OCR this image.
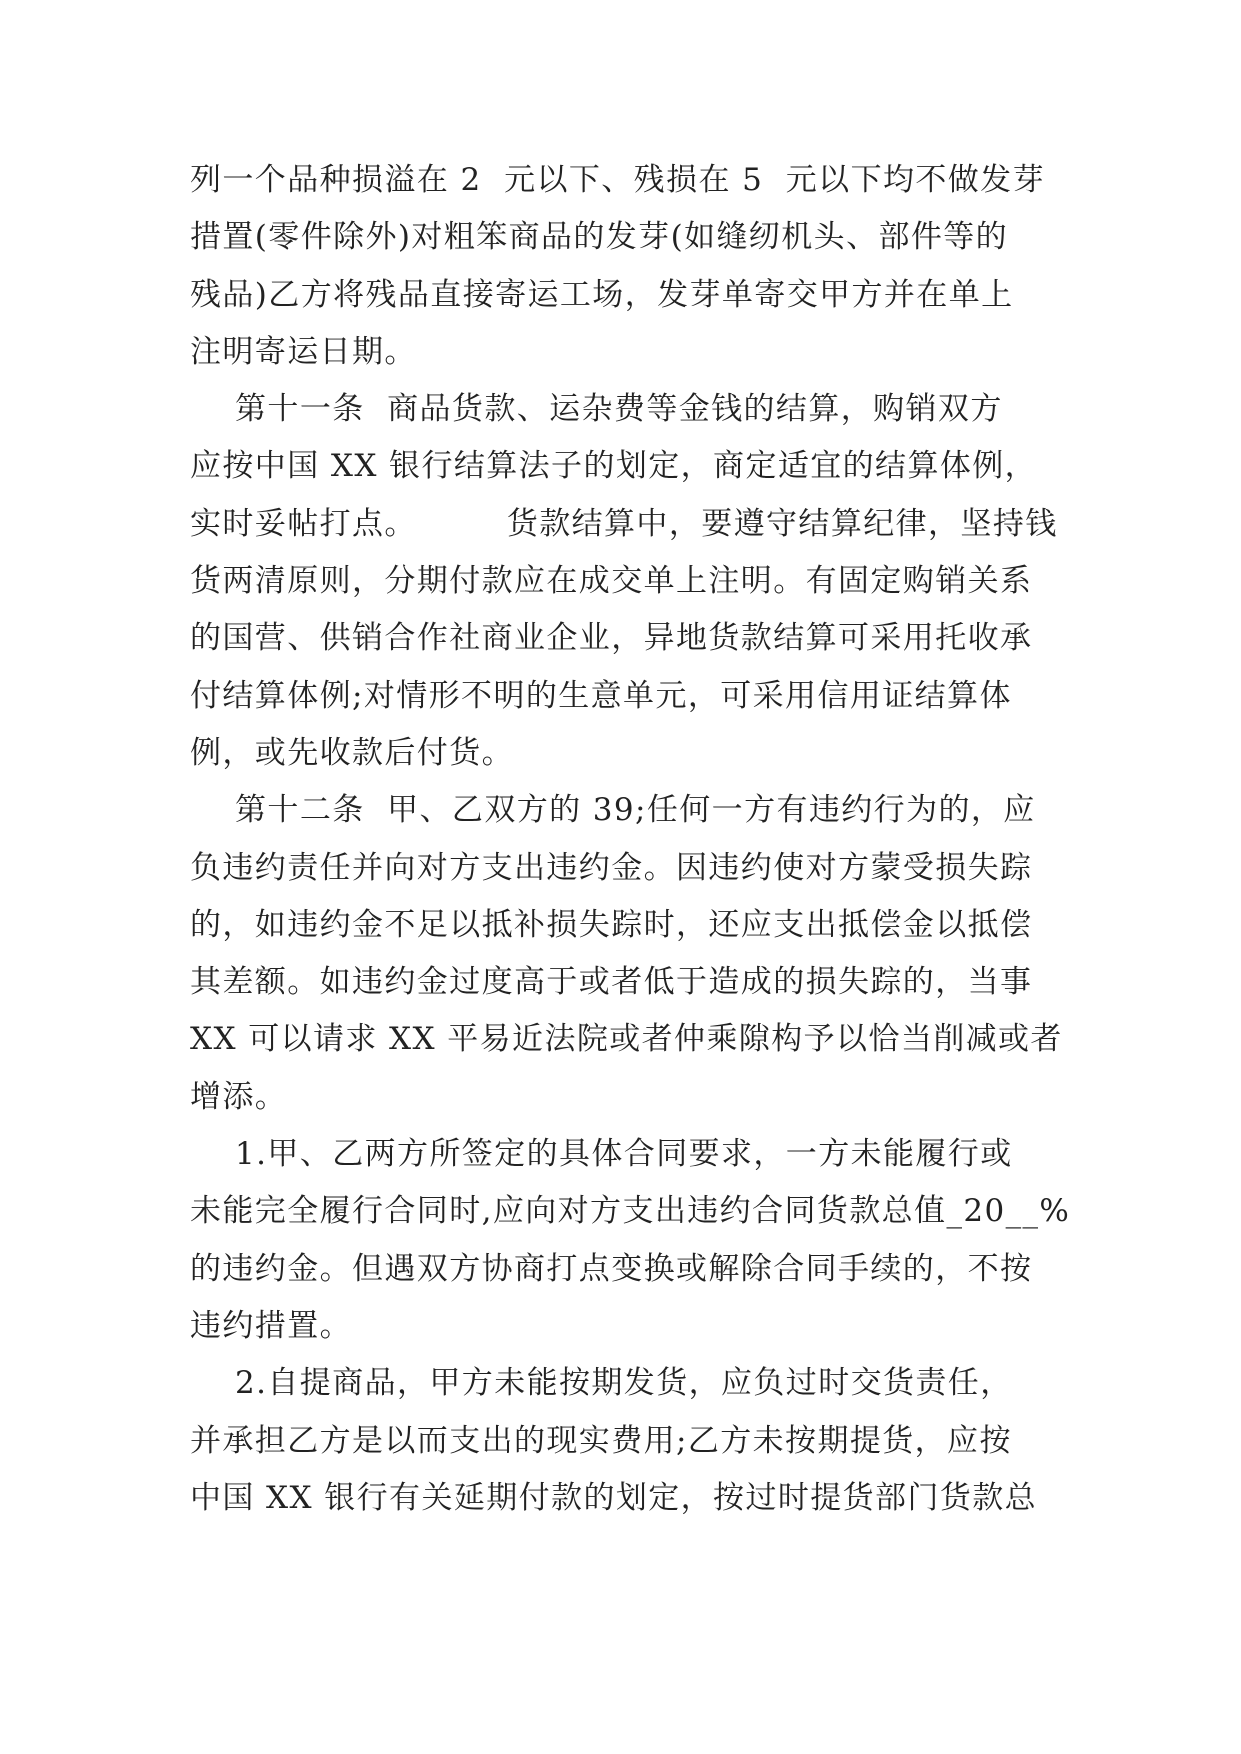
列一个品种损溢在 2  元以下、残损在 5  元以下均不做发芽
措置(零件除外)对粗笨商品的发芽(如缝纫机头、部件等的
残品)乙方将残品直接寄运工场，发芽单寄交甲方并在单上
注明寄运日期。
第十一条  商品货款、运杂费等金钱的结算，购销双方
应按中国 XX 银行结算法子的划定，商定适宜的结算体例，
实时妥帖打点。        货款结算中，要遵守结算纪律，坚持钱
货两清原则，分期付款应在成交单上注明。有固定购销关系
的国营、供销合作社商业企业，异地货款结算可采用托收承
付结算体例;对情形不明的生意单元，可采用信用证结算体
例，或先收款后付货。
第十二条  甲、乙双方的 39;任何一方有违约行为的，应
负违约责任并向对方支出违约金。因违约使对方蒙受损失踪
的，如违约金不足以抵补损失踪时，还应支出抵偿金以抵偿
其差额。如违约金过度高于或者低于造成的损失踪的，当事
XX 可以请求 XX 平易近法院或者仲乘隙构予以恰当削减或者
增添。
1.甲、乙两方所签定的具体合同要求，一方未能履行或
未能完全履行合同时,应向对方支出违约合同货款总值_20__%
的违约金。但遇双方协商打点变换或解除合同手续的，不按
违约措置。
2.自提商品，甲方未能按期发货，应负过时交货责任，
并承担乙方是以而支出的现实费用;乙方未按期提货，应按
中国 XX 银行有关延期付款的划定，按过时提货部门货款总
